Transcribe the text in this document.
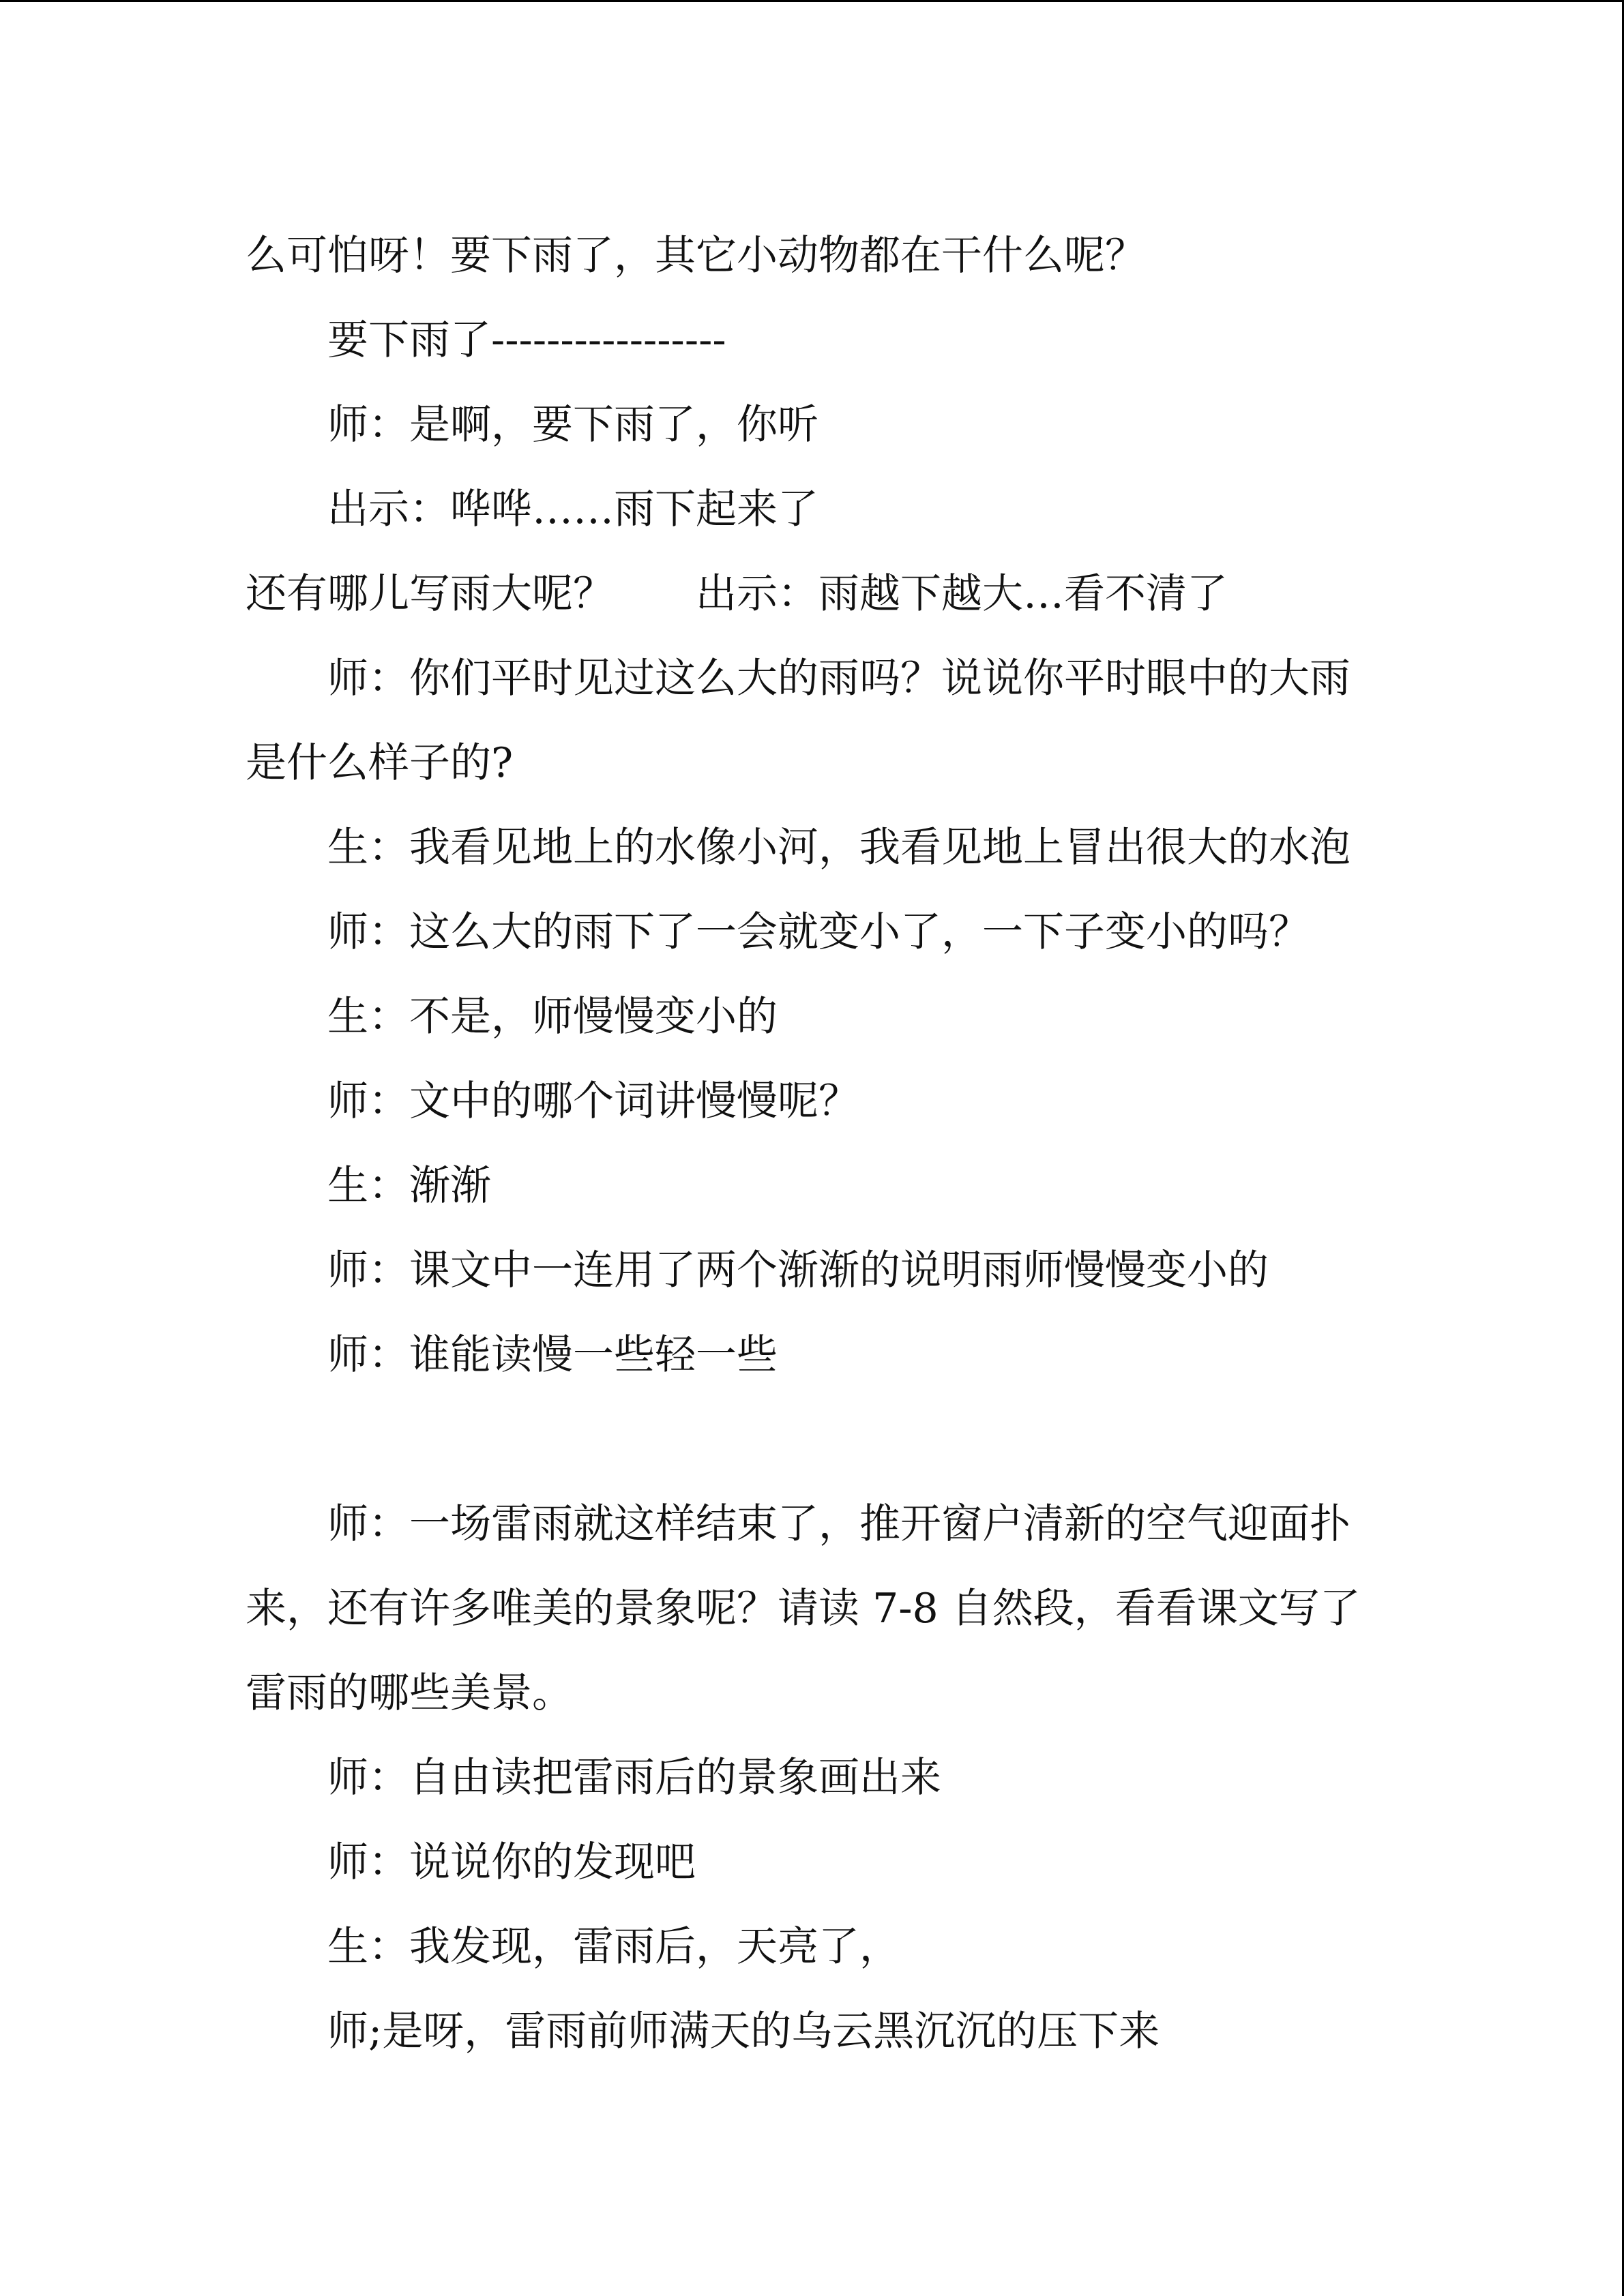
么可怕呀！要下雨了，其它小动物都在干什么呢？

要下雨了-----------------

师：是啊，要下雨了，你听

出示：哗哗……雨下起来了

还有哪儿写雨大呢？　　出示：雨越下越大…看不清了

师：你们平时见过这么大的雨吗？说说你平时眼中的大雨是什么样子的?

生：我看见地上的水像小河，我看见地上冒出很大的水泡

师：这么大的雨下了一会就变小了，一下子变小的吗？

生：不是，师慢慢变小的

师：文中的哪个词讲慢慢呢？

生：渐渐

师：课文中一连用了两个渐渐的说明雨师慢慢变小的

师：谁能读慢一些轻一些

师：一场雷雨就这样结束了，推开窗户清新的空气迎面扑来，还有许多唯美的景象呢？请读 7-8 自然段，看看课文写了雷雨的哪些美景。

师：自由读把雷雨后的景象画出来

师：说说你的发现吧

生：我发现，雷雨后，天亮了，

师;是呀，雷雨前师满天的乌云黑沉沉的压下来
